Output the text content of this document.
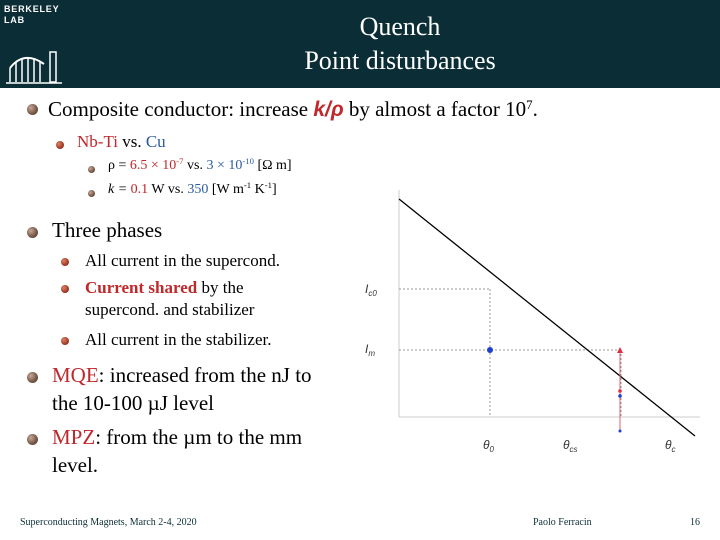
BERKELEY
LAB	Quench
Point disturbances
Composite conductor: increase k/ρ by almost a factor $10^7$.
Nb-Ti vs. Cu
$\rho = 6.5 \times 10^{-7}$ vs. $3 \times 10^{-10}$ [Ω m]
k = 0.1 W vs. 350 [W $m^{-1}$ $K^{-1}$]
Three phases
All current in the supercond.
Current shared by the
supercond. and stabilizer
All current in the stabilizer.
MQE: increased from the nJ to
the 10-100 µJ level
MPZ: from the µm to the mm
level.
$I_{c0}$
$I_m$
$\theta_0$	$\theta_{cs}$	$\theta_c$
Superconducting Magnets, March 2-4, 2020	Paolo Ferracin	16
